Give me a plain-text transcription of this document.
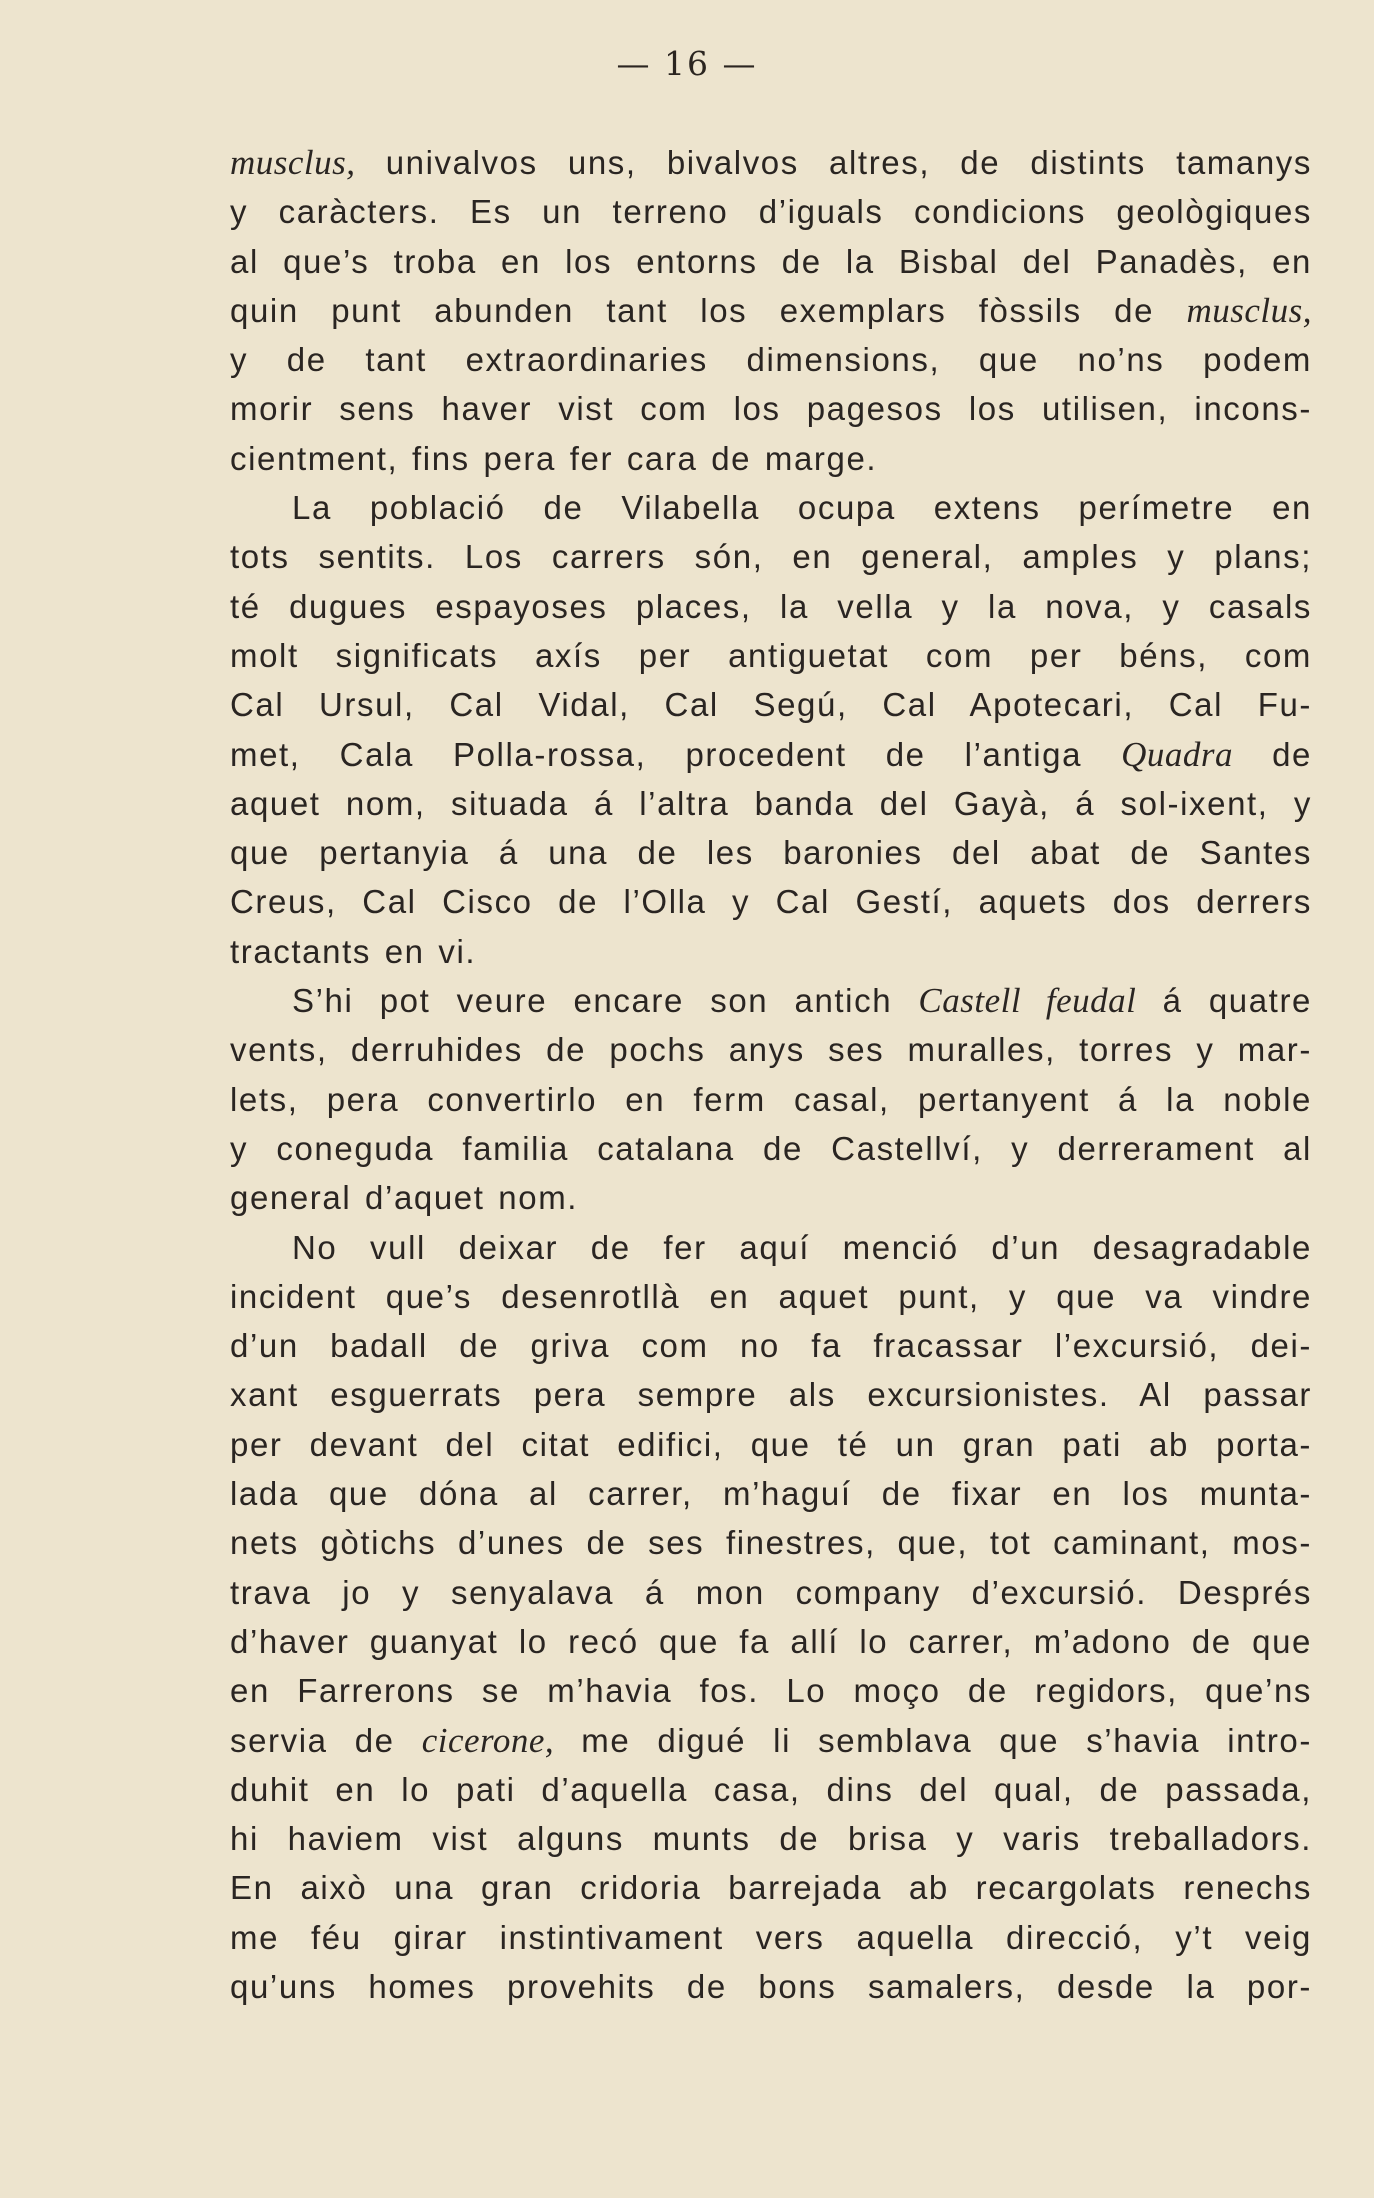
— 16 —
musclus, univalvos uns, bivalvos altres, de distints tamanys
y caràcters. Es un terreno d’iguals condicions geològiques
al que’s troba en los entorns de la Bisbal del Panadès, en
quin punt abunden tant los exemplars fòssils de musclus,
y de tant extraordinaries dimensions, que no’ns podem
morir sens haver vist com los pagesos los utilisen, incons-
cientment, fins pera fer cara de marge.
La població de Vilabella ocupa extens perímetre en
tots sentits. Los carrers són, en general, amples y plans;
té dugues espayoses places, la vella y la nova, y casals
molt significats axís per antiguetat com per béns, com
Cal Ursul, Cal Vidal, Cal Segú, Cal Apotecari, Cal Fu-
met, Cala Polla-rossa, procedent de l’antiga Quadra de
aquet nom, situada á l’altra banda del Gayà, á sol-ixent, y
que pertanyia á una de les baronies del abat de Santes
Creus, Cal Cisco de l’Olla y Cal Gestí, aquets dos derrers
tractants en vi.
S’hi pot veure encare son antich Castell feudal á quatre
vents, derruhides de pochs anys ses muralles, torres y mar-
lets, pera convertirlo en ferm casal, pertanyent á la noble
y coneguda familia catalana de Castellví, y derrerament al
general d’aquet nom.
No vull deixar de fer aquí menció d’un desagradable
incident que’s desenrotllà en aquet punt, y que va vindre
d’un badall de griva com no fa fracassar l’excursió, dei-
xant esguerrats pera sempre als excursionistes. Al passar
per devant del citat edifici, que té un gran pati ab porta-
lada que dóna al carrer, m’haguí de fixar en los munta-
nets gòtichs d’unes de ses finestres, que, tot caminant, mos-
trava jo y senyalava á mon company d’excursió. Després
d’haver guanyat lo recó que fa allí lo carrer, m’adono de que
en Farrerons se m’havia fos. Lo moço de regidors, que’ns
servia de cicerone, me digué li semblava que s’havia intro-
duhit en lo pati d’aquella casa, dins del qual, de passada,
hi haviem vist alguns munts de brisa y varis treballadors.
En això una gran cridoria barrejada ab recargolats renechs
me féu girar instintivament vers aquella direcció, y’t veig
qu’uns homes provehits de bons samalers, desde la por-
